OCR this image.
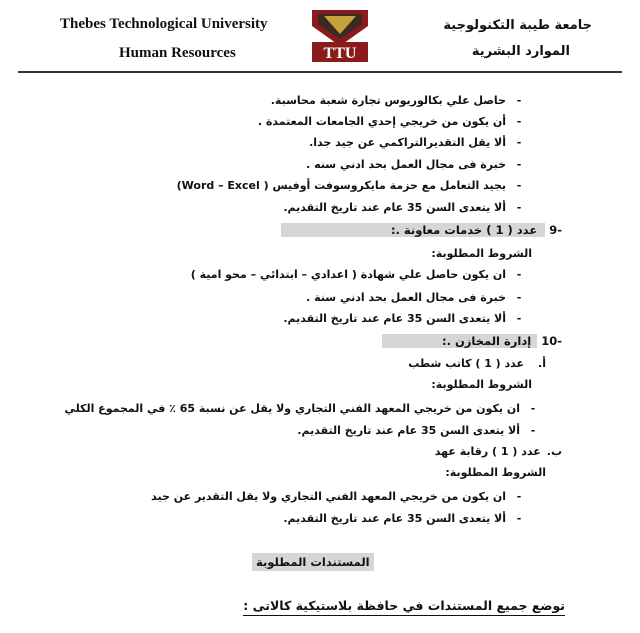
Thebes Technological University
Human Resources	TTU
جامعة طيبة التكنولوجية
الموارد البشرية
-حاصل علي بكالوريوس تجارة شعبة محاسبة.
-أن يكون من خريجي إحدي الجامعات المعتمدة .
-ألا يقل التقديرالتراكمي عن جيد جدا.
-خبرة فى مجال العمل بحد ادني سنه .
-يجيد التعامل مع حزمة مايكروسوفت أوفيس ( Word – Excel)
-ألا يتعدى السن 35 عام عند تاريخ التقديم.
-9 عدد ( 1 ) خدمات معاونة .:
الشروط المطلوبة:
-ان يكون حاصل علي شهادة ( اعدادي – ابتدائي – محو امية )
-خبرة فى مجال العمل بحد ادني سنة .
-ألا يتعدى السن 35 عام عند تاريخ التقديم.
-10 إدارة المخازن .:
أ.عدد ( 1 ) كاتب شطب
الشروط المطلوبة:
-ان يكون من خريجي المعهد الفني التجاري ولا يقل عن نسبة 65 ٪ في المجموع الكلي
-ألا يتعدى السن 35 عام عند تاريخ التقديم.
ب.عدد ( 1 ) رقابة عهد
الشروط المطلوبة:
-ان يكون من خريجي المعهد الفني التجاري ولا يقل التقدير عن جيد
-ألا يتعدى السن 35 عام عند تاريخ التقديم.
المستندات المطلوبة
توضع جميع المستندات في حافظة بلاستيكية كالاتى :
